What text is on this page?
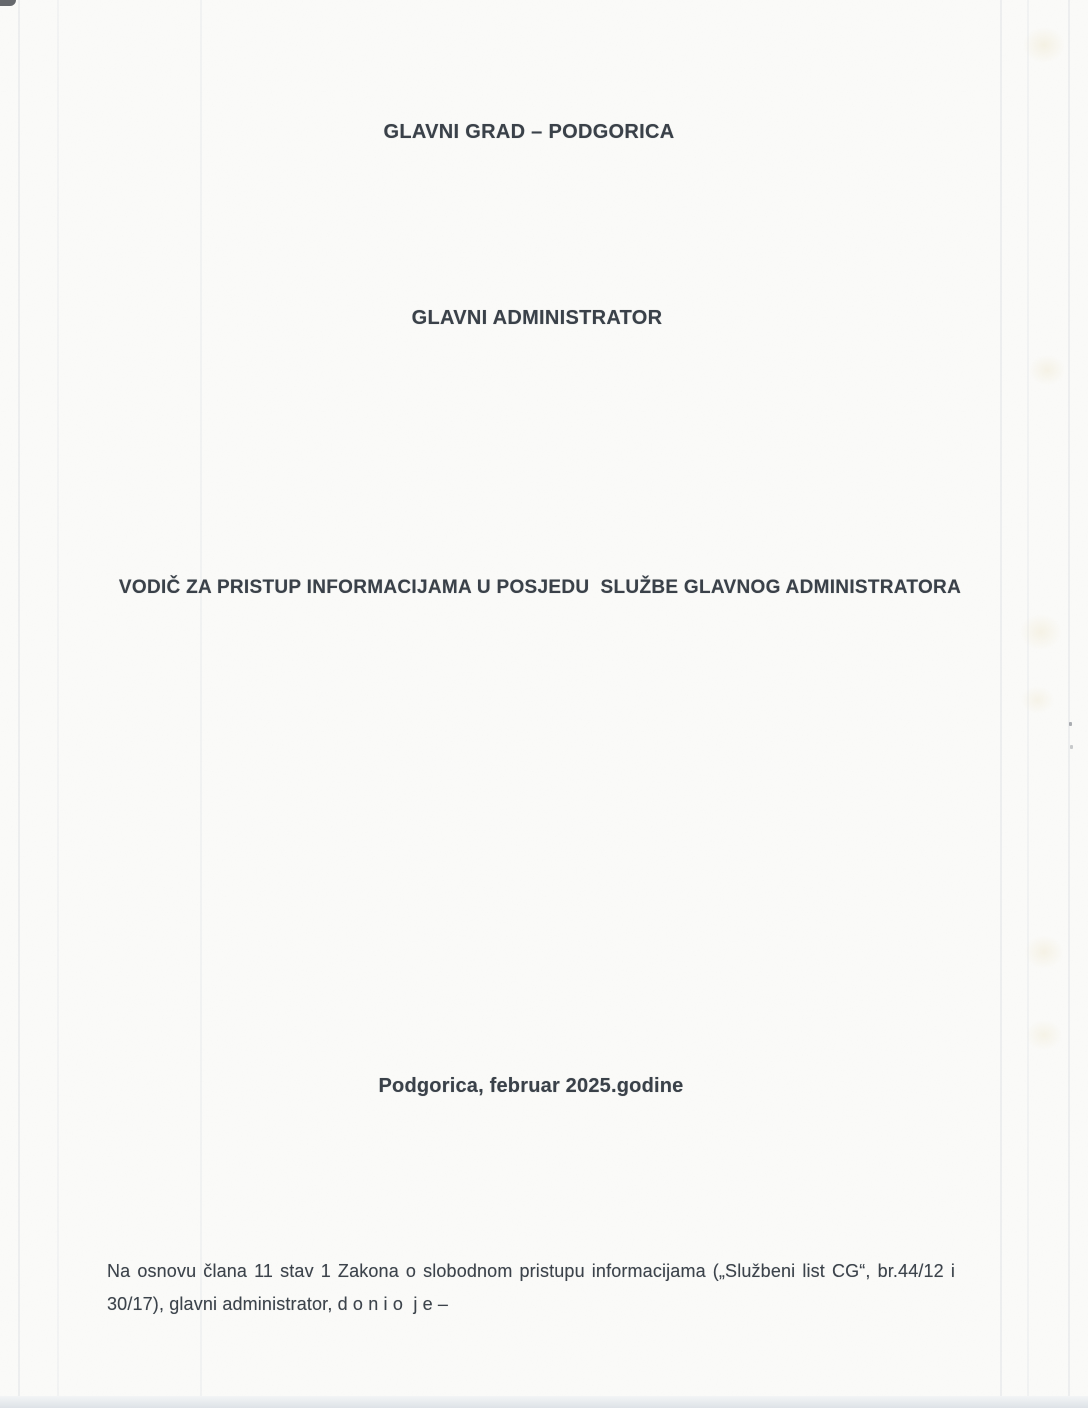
GLAVNI GRAD – PODGORICA
GLAVNI ADMINISTRATOR
VODIČ ZA PRISTUP INFORMACIJAMA U POSJEDU  SLUŽBE GLAVNOG ADMINISTRATORA
Podgorica, februar 2025.godine
Na osnovu člana 11 stav 1 Zakona o slobodnom pristupu informacijama („Službeni list CG“, br.44/12 i 30/17), glavni administrator, d o n i o  j e –
